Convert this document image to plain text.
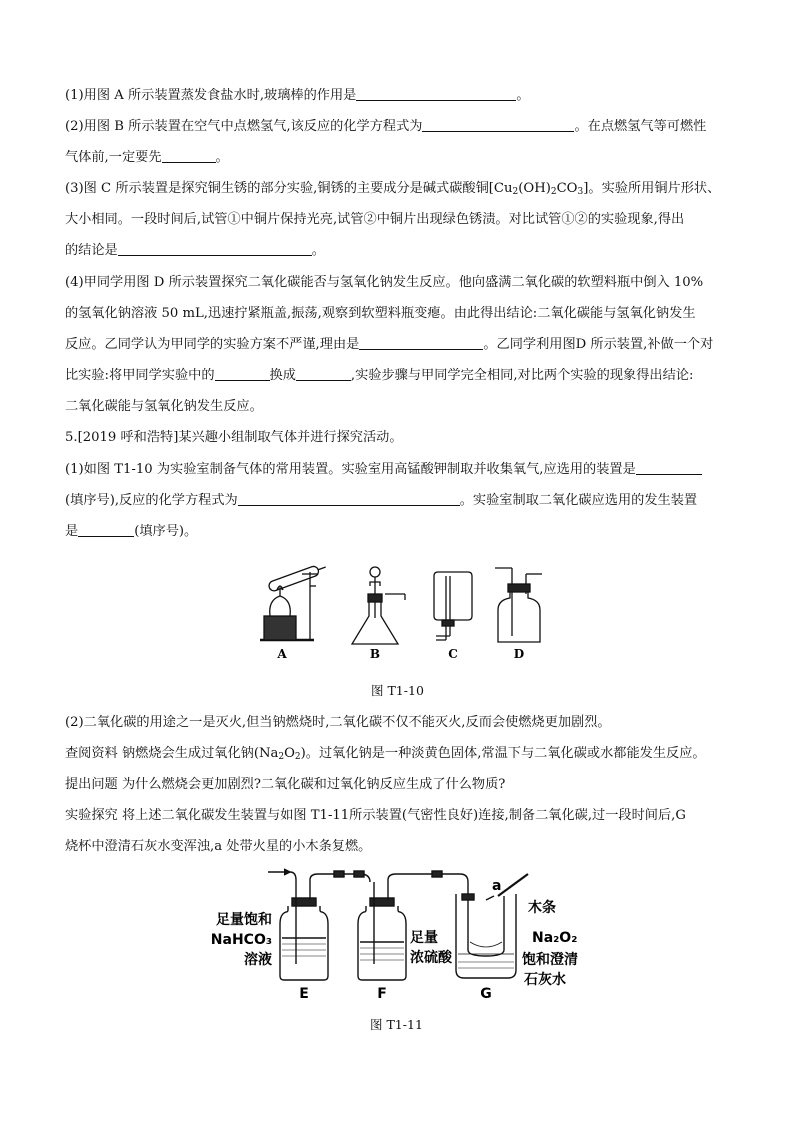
(1)用图 A 所示装置蒸发食盐水时,玻璃棒的作用是	。
(2)用图 B 所示装置在空气中点燃氢气,该反应的化学方程式为	。在点燃氢气等可燃性
气体前,一定要先	。
(3)图 C 所示装置是探究铜生锈的部分实验,铜锈的主要成分是碱式碳酸铜$[Cu_2(OH)_2CO_3]$。实验所用铜片形状、
大小相同。一段时间后,试管①中铜片保持光亮,试管②中铜片出现绿色锈渍。对比试管①②的实验现象,得出
的结论是	。
(4)甲同学用图 D 所示装置探究二氧化碳能否与氢氧化钠发生反应。他向盛满二氧化碳的软塑料瓶中倒入 10%
的氢氧化钠溶液 50 mL,迅速拧紧瓶盖,振荡,观察到软塑料瓶变瘪。由此得出结论:二氧化碳能与氢氧化钠发生
反应。乙同学认为甲同学的实验方案不严谨,理由是	。乙同学利用图D 所示装置,补做一个对
比实验:将甲同学实验中的	换成	,实验步骤与甲同学完全相同,对比两个实验的现象得出结论:
二氧化碳能与氢氧化钠发生反应。
5.[2019 呼和浩特]某兴趣小组制取气体并进行探究活动。
(1)如图 T1-10 为实验室制备气体的常用装置。实验室用高锰酸钾制取并收集氧气,应选用的装置是
(填序号),反应的化学方程式为	。实验室制取二氧化碳应选用的发生装置
是	(填序号)。
A	B	C	D
图 T1-10
(2)二氧化碳的用途之一是灭火,但当钠燃烧时,二氧化碳不仅不能灭火,反而会使燃烧更加剧烈。
查阅资料 钠燃烧会生成过氧化钠$(Na_2O_2)$。过氧化钠是一种淡黄色固体,常温下与二氧化碳或水都能发生反应。
提出问题 为什么燃烧会更加剧烈?二氧化碳和过氧化钠反应生成了什么物质?
实验探究 将上述二氧化碳发生装置与如图 T1-11所示装置(气密性良好)连接,制备二氧化碳,过一段时间后,G
烧杯中澄清石灰水变浑浊,a 处带火星的小木条复燃。
足量饱和
NaHCO₃
溶液
足量
浓硫酸
a
木条
Na₂O₂
饱和澄清
石灰水
E	F	G
图 T1-11
